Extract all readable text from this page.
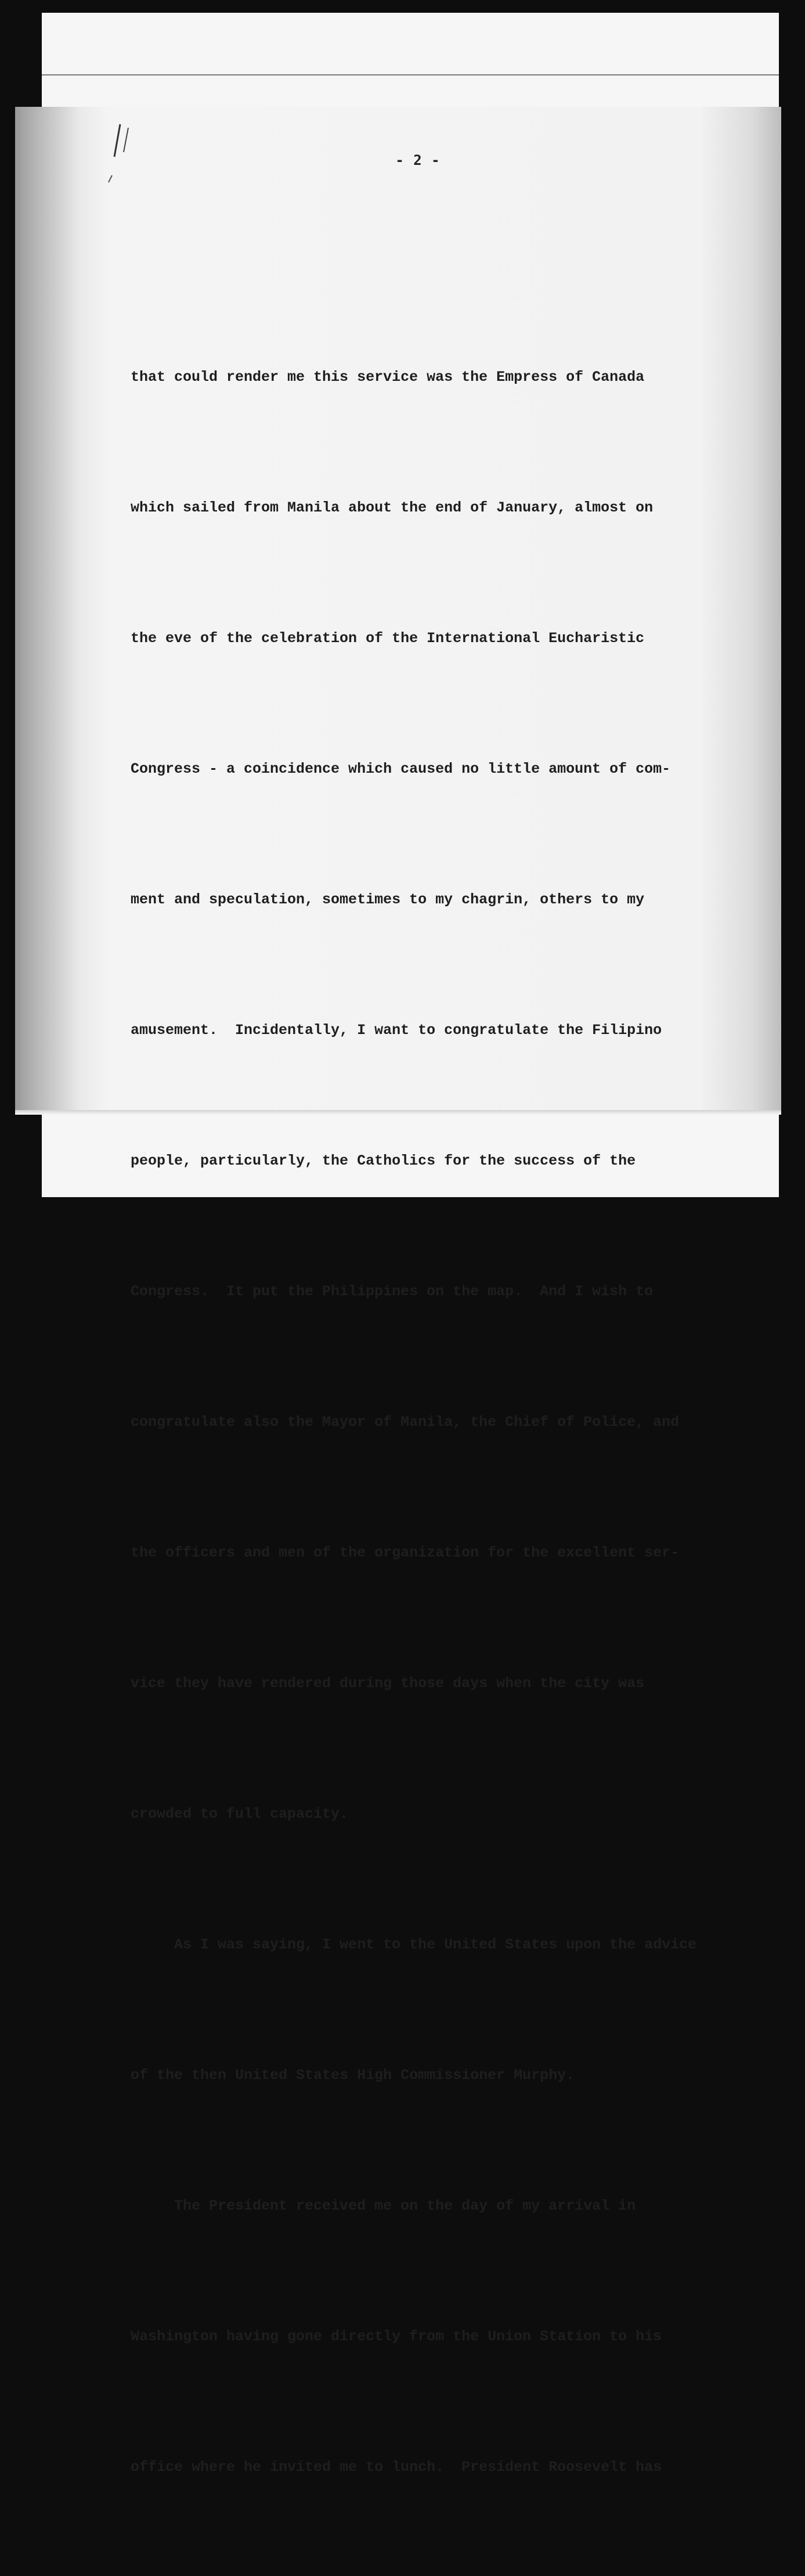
- 2 -

that could render me this service was the Empress of Canada

which sailed from Manila about the end of January, almost on

the eve of the celebration of the International Eucharistic

Congress - a coincidence which caused no little amount of com-

ment and speculation, sometimes to my chagrin, others to my

amusement.  Incidentally, I want to congratulate the Filipino

people, particularly, the Catholics for the success of the

Congress.  It put the Philippines on the map.  And I wish to

congratulate also the Mayor of Manila, the Chief of Police, and

the officers and men of the organization for the excellent ser-

vice they have rendered during those days when the city was

crowded to full capacity.

As I was saying, I went to the United States upon the advice

of the then United States High Commissioner Murphy.

The President received me on the day of my arrival in

Washington having gone directly from the Union Station to his

office where he invited me to lunch.  President Roosevelt has
